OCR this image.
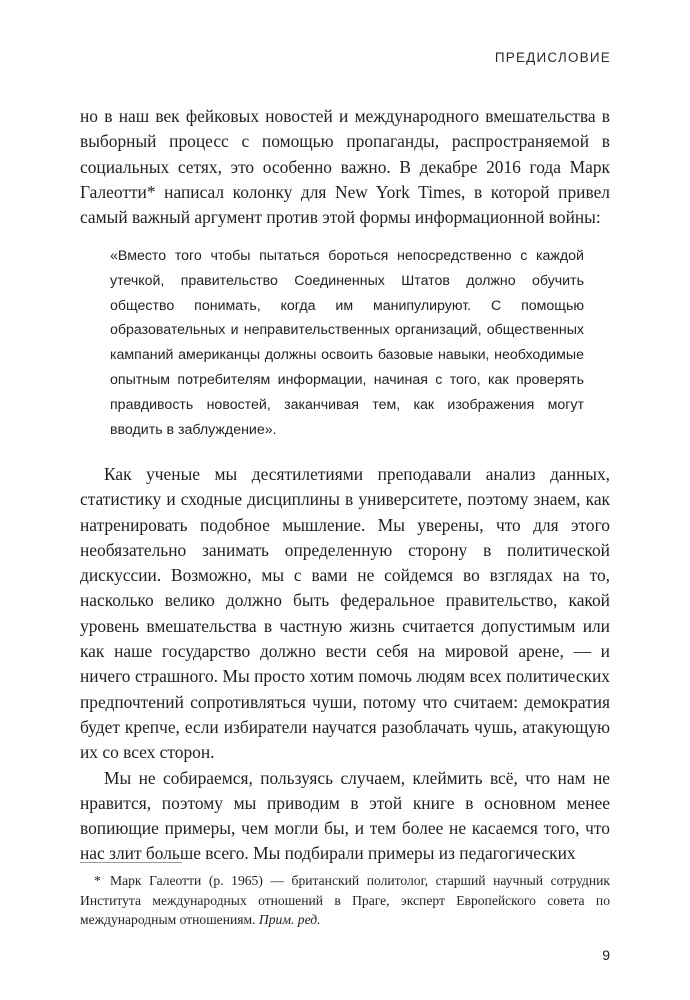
ПРЕДИСЛОВИЕ

но в наш век фейковых новостей и международного вмешательства в выборный процесс с помощью пропаганды, распространяемой в социальных сетях, это особенно важно. В декабре 2016 года Марк Галеотти* написал колонку для New York Times, в которой привел самый важный аргумент против этой формы информационной войны:

«Вместо того чтобы пытаться бороться непосредственно с каждой утечкой, правительство Соединенных Штатов должно обучить общество понимать, когда им манипулируют. С помощью образовательных и неправительственных организаций, общественных кампаний американцы должны освоить базовые навыки, необходимые опытным потребителям информации, начиная с того, как проверять правдивость новостей, заканчивая тем, как изображения могут вводить в заблуждение».

Как ученые мы десятилетиями преподавали анализ данных, статистику и сходные дисциплины в университете, поэтому знаем, как натренировать подобное мышление. Мы уверены, что для этого необязательно занимать определенную сторону в политической дискуссии. Возможно, мы с вами не сойдемся во взглядах на то, насколько велико должно быть федеральное правительство, какой уровень вмешательства в частную жизнь считается допустимым или как наше государство должно вести себя на мировой арене, — и ничего страшного. Мы просто хотим помочь людям всех политических предпочтений сопротивляться чуши, потому что считаем: демократия будет крепче, если избиратели научатся разоблачать чушь, атакующую их со всех сторон.

Мы не собираемся, пользуясь случаем, клеймить всё, что нам не нравится, поэтому мы приводим в этой книге в основном менее вопиющие примеры, чем могли бы, и тем более не касаемся того, что нас злит больше всего. Мы подбирали примеры из педагогических

* Марк Галеотти (р. 1965) — британский политолог, старший научный сотрудник Института международных отношений в Праге, эксперт Европейского совета по международным отношениям. Прим. ред.

9
